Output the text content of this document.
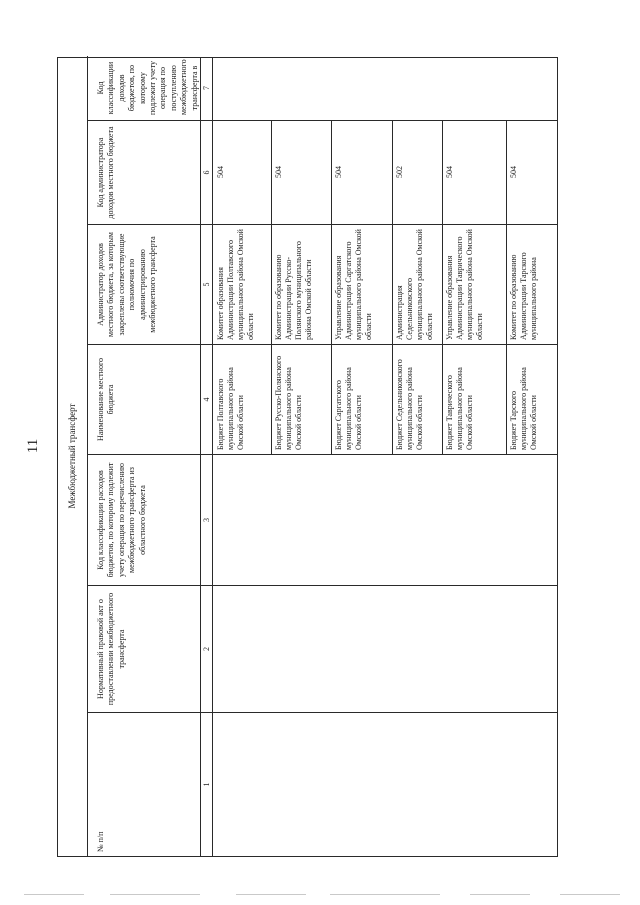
11	Межбюджетный трансферт
№ п/п
Нормативный правовой акт о предоставлении межбюджетного трансферта
Код классификации расходов бюджетов, по которому подлежит учету операция по перечислению межбюджетного трансферта из областного бюджета
Наименование местного бюджета
Администратор доходов местного бюджета, за которым закреплены соответствующие полномочия по администрированию межбюджетного трансферта
Код администратора доходов местного бюджета
Код классификации доходов бюджетов, по которому подлежит учету операция по поступлению межбюджетного трансферта в
1
2
3
4
5
6
7
Бюджет Полтавского муниципального района Омской области
Комитет образования Администрации Полтавского муниципального района Омской области
504
Бюджет Русско-Полянского муниципального района Омской области
Комитет по образованию Администрации Русско-Полянского муниципального района Омской области
504
Бюджет Саргатского муниципального района Омской области
Управление образования Администрации Саргатского муниципального района Омской области
504
Бюджет Седельниковского муниципального района Омской области
Администрация Седельниковского муниципального района Омской области
502
Бюджет Таврического муниципального района Омской области
Управление образования Администрации Таврического муниципального района Омской области
504
Бюджет Тарского муниципального района Омской области
Комитет по образованию Администрации Тарского муниципального района
504
